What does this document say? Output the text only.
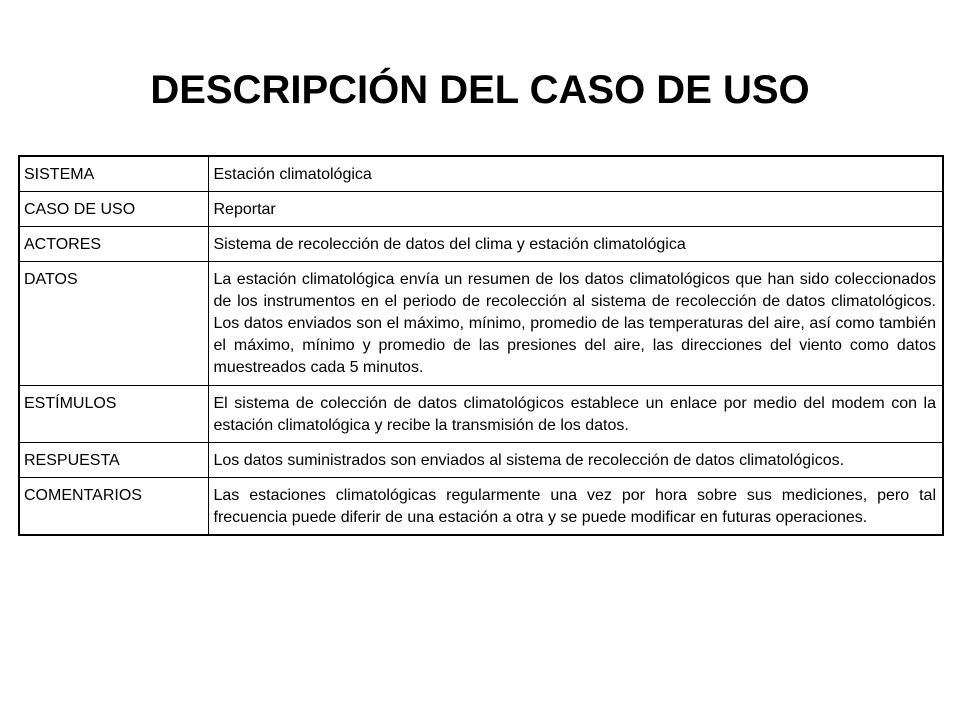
DESCRIPCIÓN DEL CASO DE USO
SISTEMA	Estación climatológica
CASO DE USO	Reportar
ACTORES	Sistema de recolección de datos del clima y estación climatológica
DATOS	La estación climatológica envía un resumen de los datos climatológicos que han sido coleccionados de los instrumentos en el periodo de recolección al sistema de recolección de datos climatológicos. Los datos enviados son el máximo, mínimo, promedio de las temperaturas del aire, así como también el máximo, mínimo y promedio de las presiones del aire, las direcciones del viento como datos muestreados cada 5 minutos.
ESTÍMULOS	El sistema de colección de datos climatológicos establece un enlace por medio del modem con la estación climatológica y recibe la transmisión de los datos.
RESPUESTA	Los datos suministrados son enviados al sistema de recolección de datos climatológicos.
COMENTARIOS	Las estaciones climatológicas regularmente una vez por hora sobre sus mediciones, pero tal frecuencia puede diferir de una estación a otra y se puede modificar en futuras operaciones.
